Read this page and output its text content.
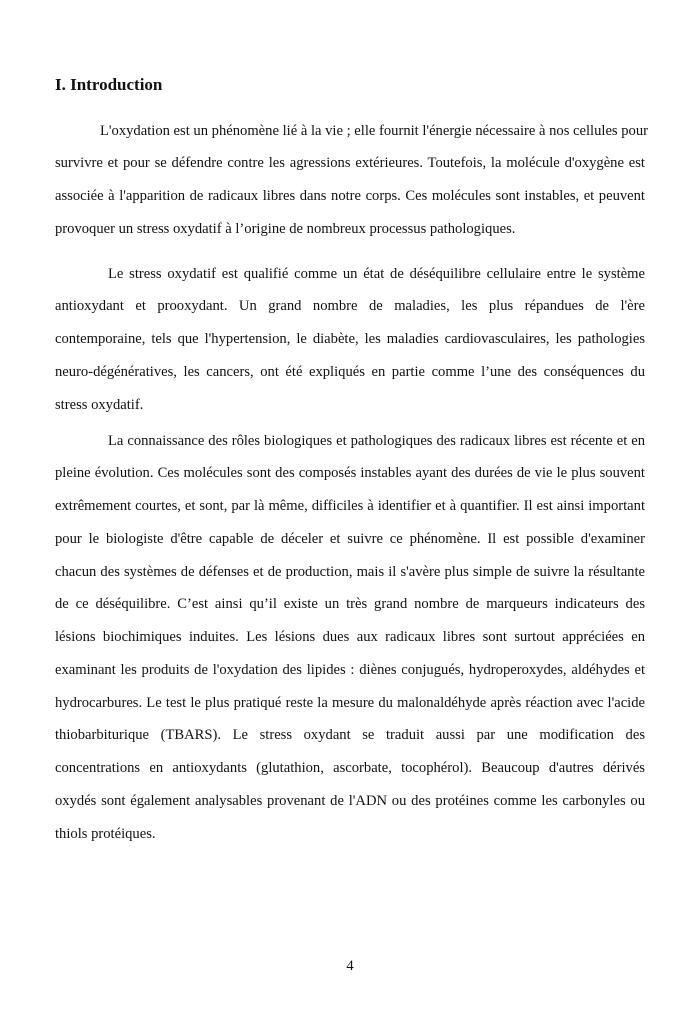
I. Introduction
L'oxydation est un phénomène lié à la vie ; elle fournit l'énergie nécessaire à nos cellules pour
survivre et pour se défendre contre les agressions extérieures. Toutefois, la molécule d'oxygène est
associée à l'apparition de radicaux libres dans notre corps. Ces molécules sont instables, et peuvent
provoquer un stress oxydatif à l’origine de nombreux processus pathologiques.
Le stress oxydatif est qualifié comme un état de déséquilibre cellulaire entre le système
antioxydant et prooxydant. Un grand nombre de maladies, les plus répandues de l'ère
contemporaine, tels que l'hypertension, le diabète, les maladies cardiovasculaires, les pathologies
neuro-dégénératives, les cancers, ont été expliqués en partie comme l’une des conséquences du
stress oxydatif.
La connaissance des rôles biologiques et pathologiques des radicaux libres est récente et en
pleine évolution. Ces molécules sont des composés instables ayant des durées de vie le plus souvent
extrêmement courtes, et sont, par là même, difficiles à identifier et à quantifier. Il est ainsi important
pour le biologiste d'être capable de déceler et suivre ce phénomène. Il est possible d'examiner
chacun des systèmes de défenses et de production, mais il s'avère plus simple de suivre la résultante
de ce déséquilibre. C’est ainsi qu’il existe un très grand nombre de marqueurs indicateurs des
lésions biochimiques induites. Les lésions dues aux radicaux libres sont surtout appréciées en
examinant les produits de l'oxydation des lipides : diènes conjugués, hydroperoxydes, aldéhydes et
hydrocarbures. Le test le plus pratiqué reste la mesure du malonaldéhyde après réaction avec l'acide
thiobarbiturique (TBARS). Le stress oxydant se traduit aussi par une modification des
concentrations en antioxydants (glutathion, ascorbate, tocophérol). Beaucoup d'autres dérivés
oxydés sont également analysables provenant de l'ADN ou des protéines comme les carbonyles ou
thiols protéiques.
4
